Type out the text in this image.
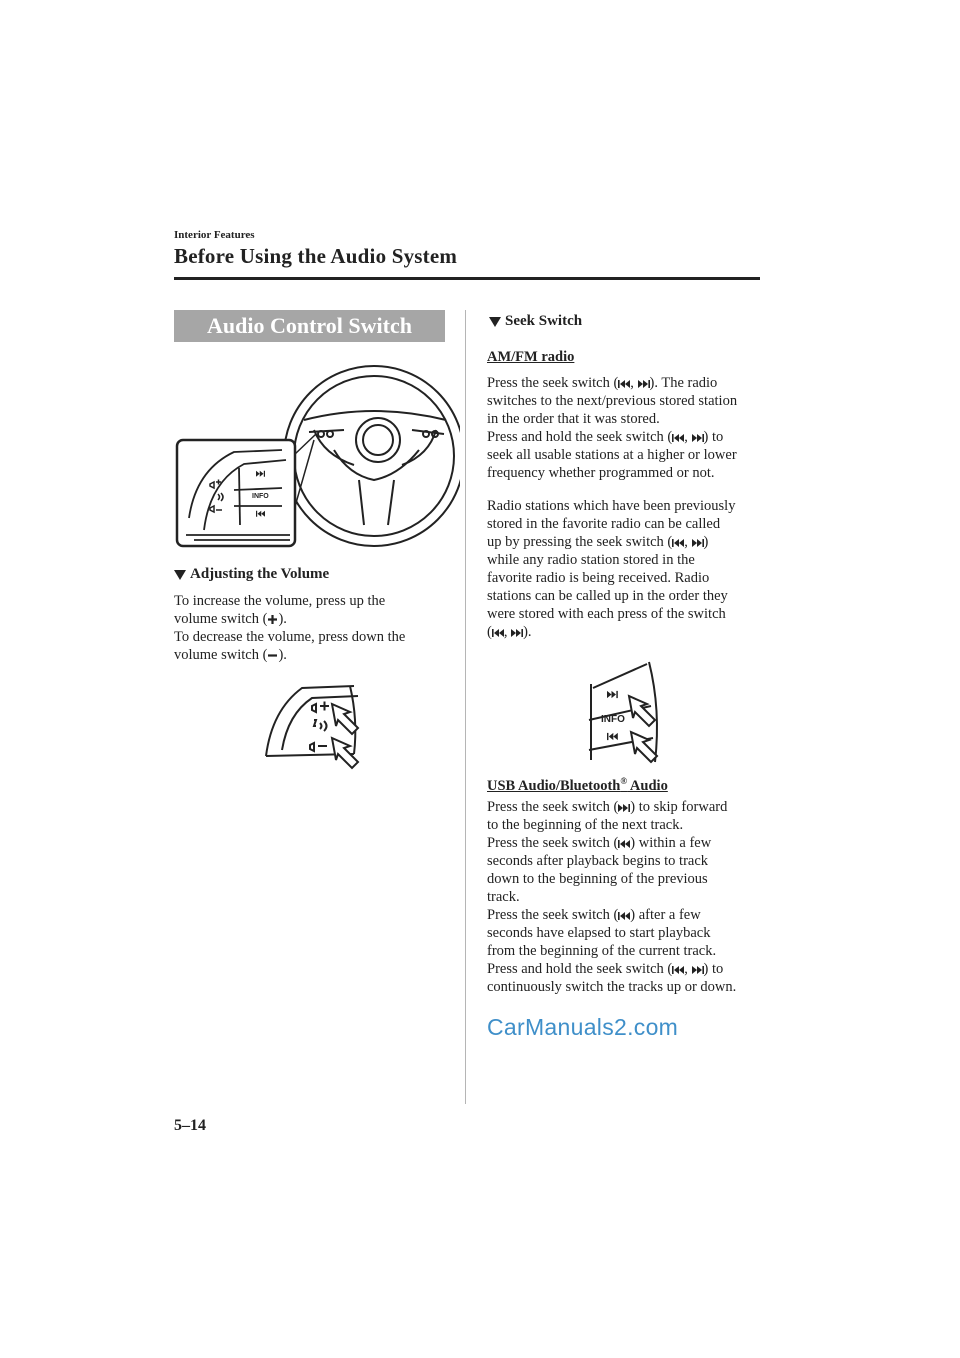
Interior Features
Before Using the Audio System
Audio Control Switch
INFO
Adjusting the Volume

To increase the volume, press up the

volume switch ( ).

To decrease the volume, press down the

volume switch ( ).

Seek Switch
AM/FM radio

Press the seek switch ( , ). The radio

switches to the next/previous stored station

in the order that it was stored.

Press and hold the seek switch ( , ) to

seek all usable stations at a higher or lower

frequency whether programmed or not.

Radio stations which have been previously

stored in the favorite radio can be called

up by pressing the seek switch ( , )

while any radio station stored in the

favorite radio is being received. Radio

stations can be called up in the order they

were stored with each press of the switch

( , ).

INFO
USB Audio/Bluetooth® Audio

Press the seek switch ( ) to skip forward

to the beginning of the next track.

Press the seek switch ( ) within a few

seconds after playback begins to track

down to the beginning of the previous

track.

Press the seek switch ( ) after a few

seconds have elapsed to start playback

from the beginning of the current track.

Press and hold the seek switch ( , ) to

continuously switch the tracks up or down.

CarManuals2.com
5–14
